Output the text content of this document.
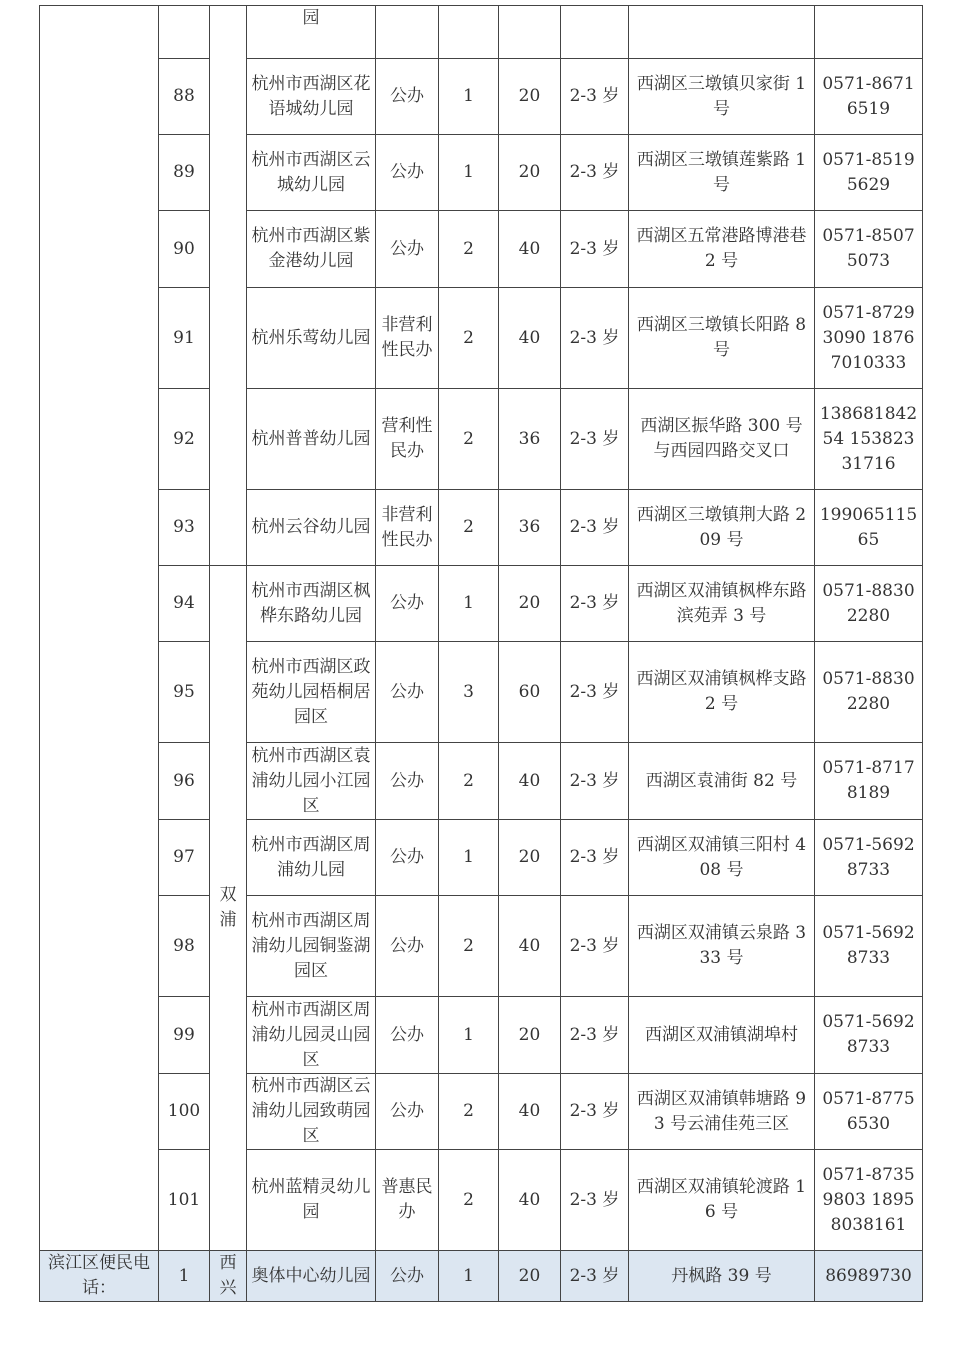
			园						
	88		杭州市西湖区花语城幼儿园	公办	1	20	2-3 岁	西湖区三墩镇贝家街 1 号	0571-86716519
	89		杭州市西湖区云城幼儿园	公办	1	20	2-3 岁	西湖区三墩镇莲紫路 1 号	0571-85195629
	90		杭州市西湖区紫金港幼儿园	公办	2	40	2-3 岁	西湖区五常港路博港巷 2 号	0571-85075073
	91		杭州乐莺幼儿园	非营利性民办	2	40	2-3 岁	西湖区三墩镇长阳路 8 号	0571-87293090 18767010333
	92		杭州普普幼儿园	营利性民办	2	36	2-3 岁	西湖区振华路 300 号与西园四路交叉口	13868184254 15382331716
	93		杭州云谷幼儿园	非营利性民办	2	36	2-3 岁	西湖区三墩镇荆大路 209 号	19906511565
	94	双浦	杭州市西湖区枫桦东路幼儿园	公办	1	20	2-3 岁	西湖区双浦镇枫桦东路滨苑弄 3 号	0571-88302280
	95		杭州市西湖区政苑幼儿园梧桐居园区	公办	3	60	2-3 岁	西湖区双浦镇枫桦支路 2 号	0571-88302280
	96		杭州市西湖区袁浦幼儿园小江园区	公办	2	40	2-3 岁	西湖区袁浦街 82 号	0571-87178189
	97		杭州市西湖区周浦幼儿园	公办	1	20	2-3 岁	西湖区双浦镇三阳村 408 号	0571-56928733
	98		杭州市西湖区周浦幼儿园铜鉴湖园区	公办	2	40	2-3 岁	西湖区双浦镇云泉路 333 号	0571-56928733
	99		杭州市西湖区周浦幼儿园灵山园区	公办	1	20	2-3 岁	西湖区双浦镇湖埠村	0571-56928733
	100		杭州市西湖区云浦幼儿园致萌园区	公办	2	40	2-3 岁	西湖区双浦镇韩塘路 93 号云浦佳苑三区	0571-87756530
	101		杭州蓝精灵幼儿园	普惠民办	2	40	2-3 岁	西湖区双浦镇轮渡路 16 号	0571-87359803 18958038161
滨江区便民电话：	1	西兴	奥体中心幼儿园	公办	1	20	2-3 岁	丹枫路 39 号	86989730
